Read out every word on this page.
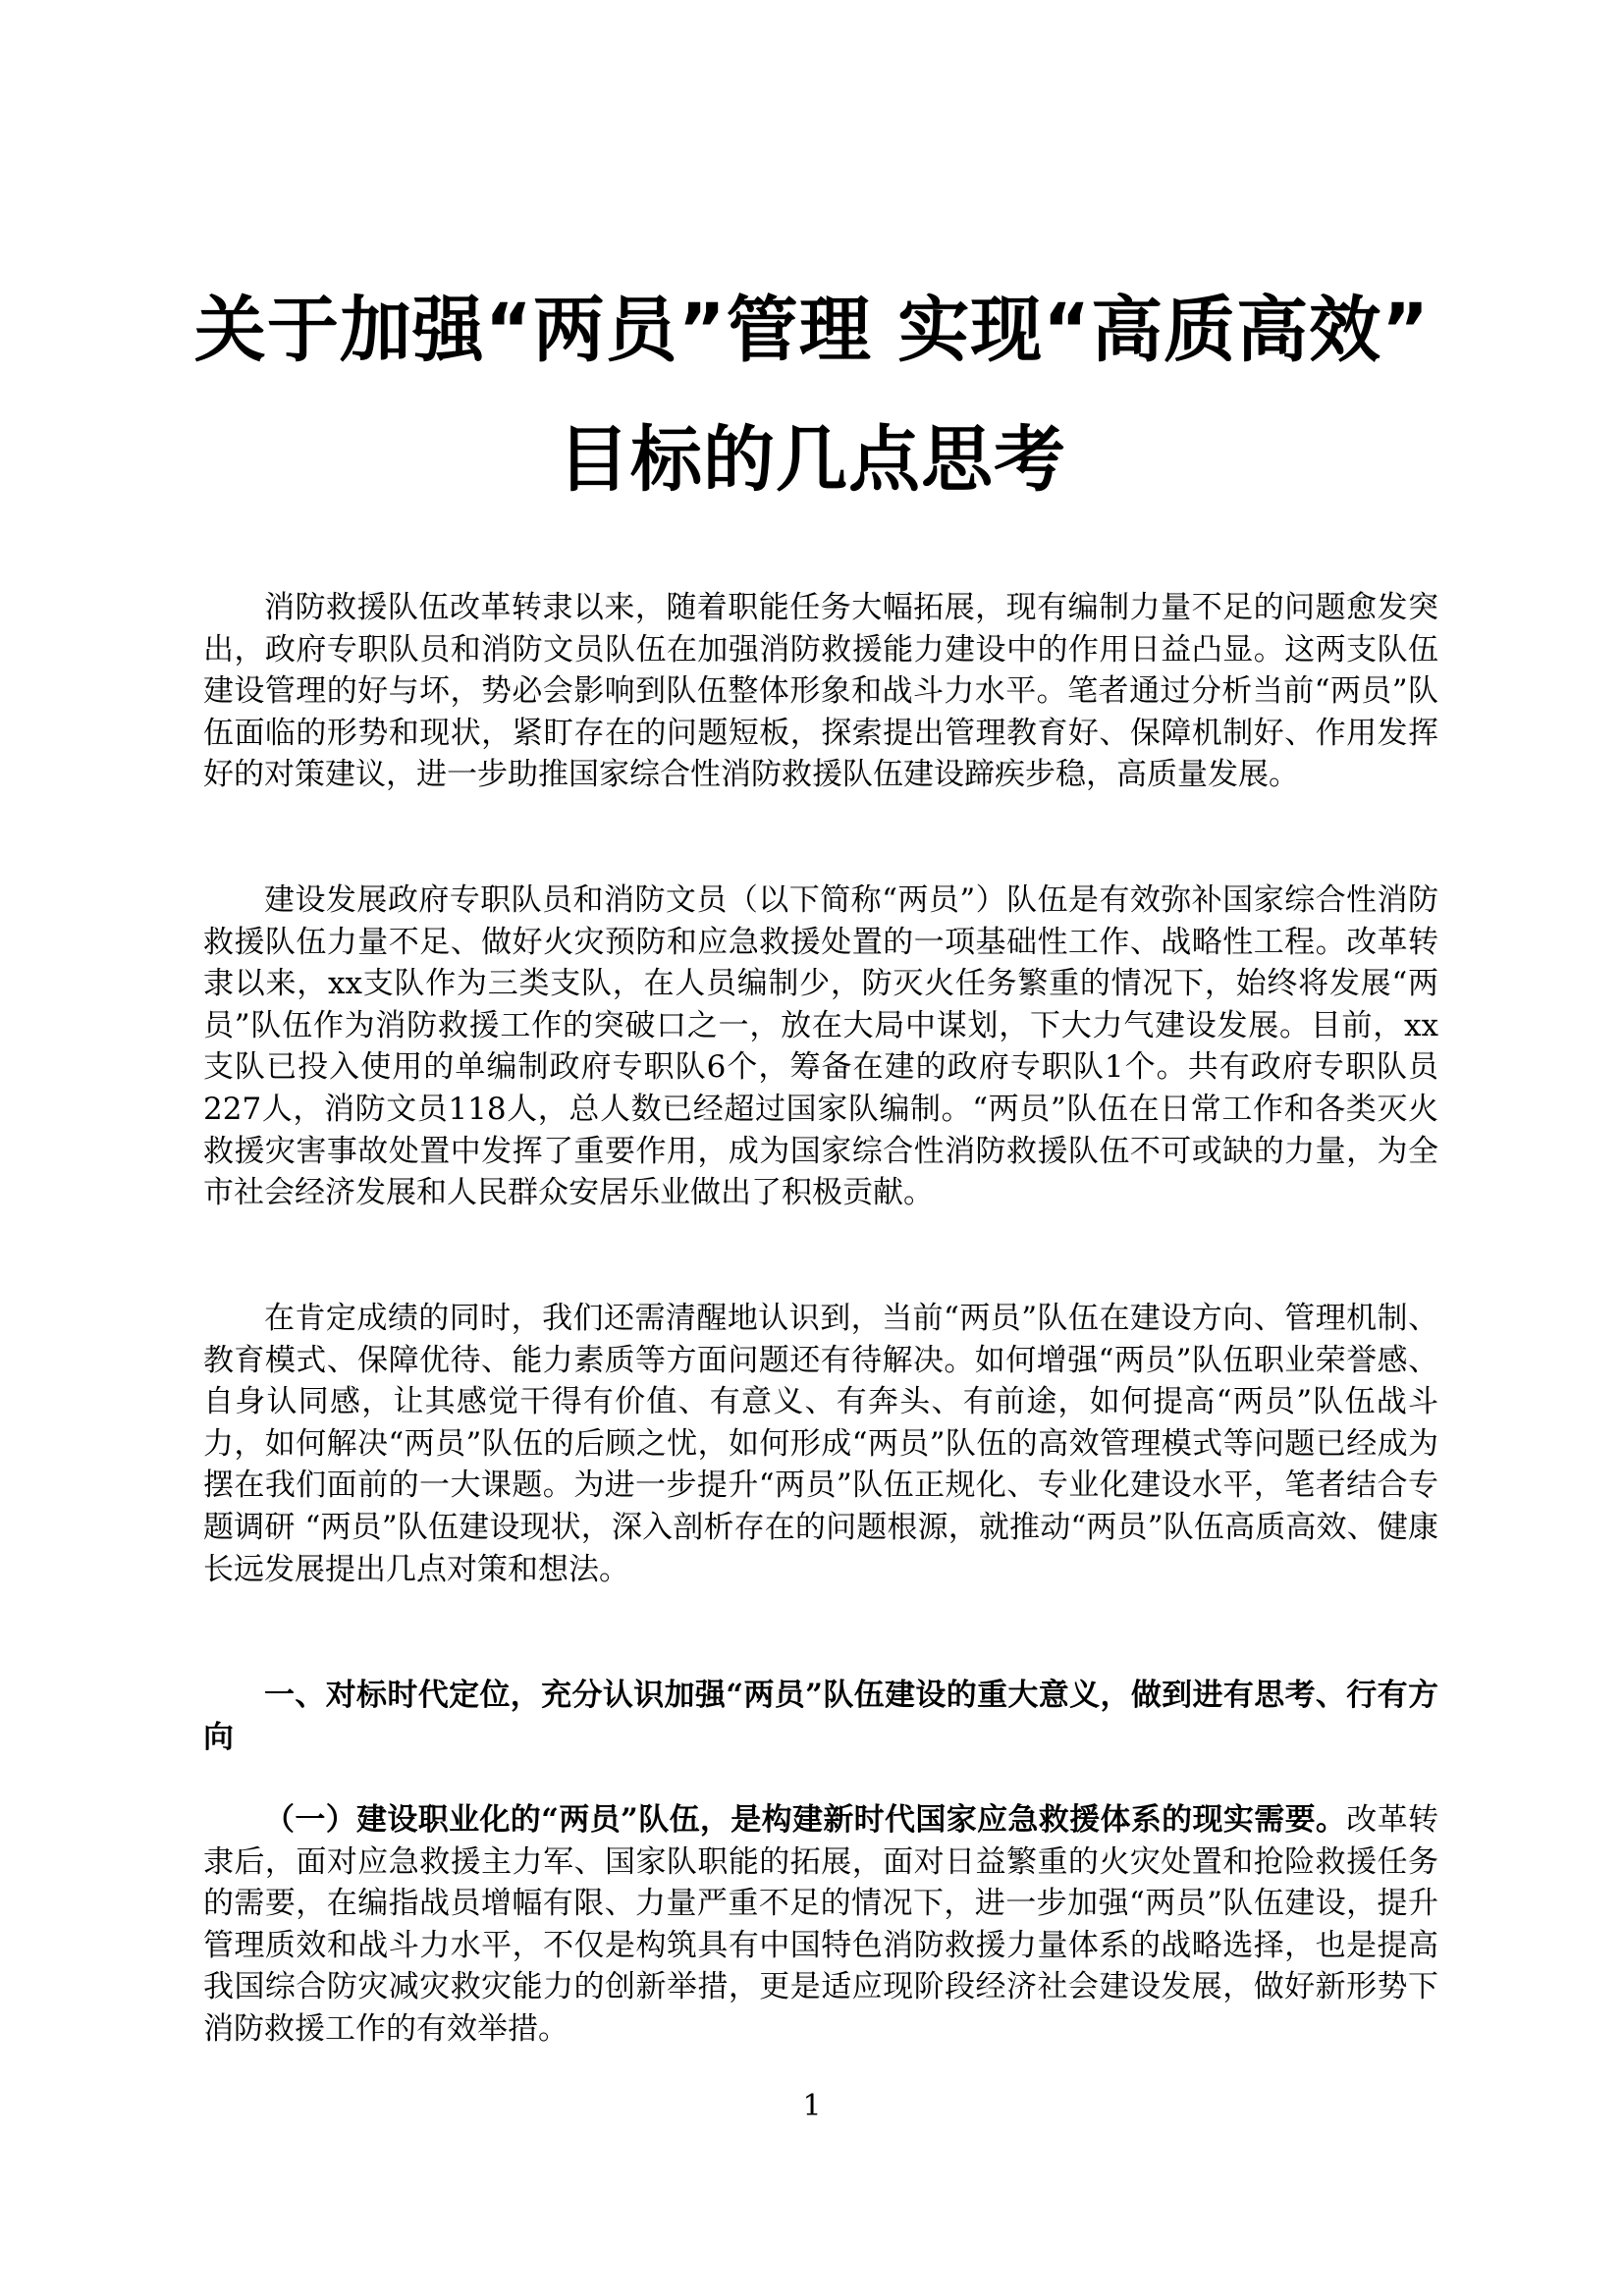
关于加强“两员”管理 实现“高质高效”
目标的几点思考

消防救援队伍改革转隶以来，随着职能任务大幅拓展，现有编制力量不足的问题愈发突出，政府专职队员和消防文员队伍在加强消防救援能力建设中的作用日益凸显。这两支队伍建设管理的好与坏，势必会影响到队伍整体形象和战斗力水平。笔者通过分析当前“两员”队伍面临的形势和现状，紧盯存在的问题短板，探索提出管理教育好、保障机制好、作用发挥好的对策建议，进一步助推国家综合性消防救援队伍建设蹄疾步稳，高质量发展。

建设发展政府专职队员和消防文员（以下简称“两员”）队伍是有效弥补国家综合性消防救援队伍力量不足、做好火灾预防和应急救援处置的一项基础性工作、战略性工程。改革转隶以来，xx支队作为三类支队，在人员编制少，防灭火任务繁重的情况下，始终将发展“两员”队伍作为消防救援工作的突破口之一，放在大局中谋划，下大力气建设发展。目前，xx支队已投入使用的单编制政府专职队6个，筹备在建的政府专职队1个。共有政府专职队员227人，消防文员118人，总人数已经超过国家队编制。“两员”队伍在日常工作和各类灭火救援灾害事故处置中发挥了重要作用，成为国家综合性消防救援队伍不可或缺的力量，为全市社会经济发展和人民群众安居乐业做出了积极贡献。

在肯定成绩的同时，我们还需清醒地认识到，当前“两员”队伍在建设方向、管理机制、教育模式、保障优待、能力素质等方面问题还有待解决。如何增强“两员”队伍职业荣誉感、自身认同感，让其感觉干得有价值、有意义、有奔头、有前途，如何提高“两员”队伍战斗力，如何解决“两员”队伍的后顾之忧，如何形成“两员”队伍的高效管理模式等问题已经成为摆在我们面前的一大课题。为进一步提升“两员”队伍正规化、专业化建设水平，笔者结合专题调研 “两员”队伍建设现状，深入剖析存在的问题根源，就推动“两员”队伍高质高效、健康长远发展提出几点对策和想法。

一、对标时代定位，充分认识加强“两员”队伍建设的重大意义，做到进有思考、行有方向

（一）建设职业化的“两员”队伍，是构建新时代国家应急救援体系的现实需要。改革转隶后，面对应急救援主力军、国家队职能的拓展，面对日益繁重的火灾处置和抢险救援任务的需要，在编指战员增幅有限、力量严重不足的情况下，进一步加强“两员”队伍建设，提升管理质效和战斗力水平，不仅是构筑具有中国特色消防救援力量体系的战略选择，也是提高我国综合防灾减灾救灾能力的创新举措，更是适应现阶段经济社会建设发展，做好新形势下消防救援工作的有效举措。

1
